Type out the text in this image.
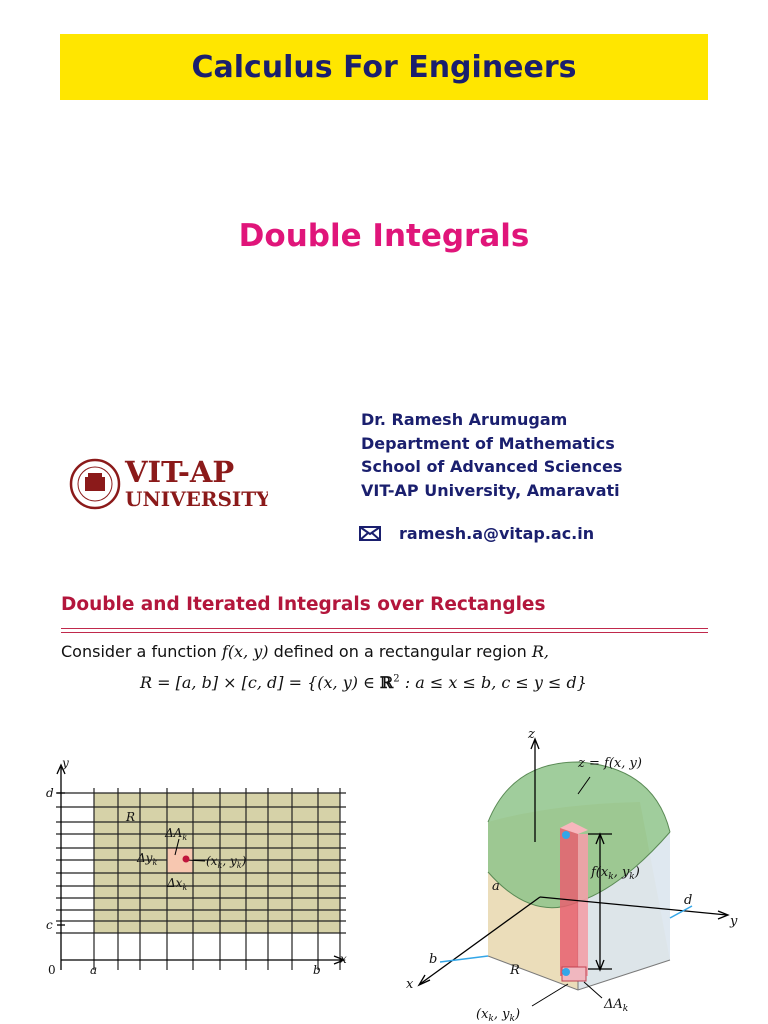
Calculus For Engineers
Double Integrals
VIT-AP
UNIVERSITY
Dr. Ramesh Arumugam
Department of Mathematics
School of Advanced Sciences
VIT-AP University, Amaravati
ramesh.a@vitap.ac.in
Double and Iterated Integrals over Rectangles
Consider a function f(x, y) defined on a rectangular region R,
R = [a, b] × [c, d] = {(x, y) ∈ ℝ$^2$ : a ≤ x ≤ b, c ≤ y ≤ d}
y
x
d
c
0	a	b
R
$\Delta A_k$
$\Delta y_k$
$\Delta x_k$
($x_k$, $y_k$)
z
y
x
z = f(x, y)
$f(x_k$, $y_k$)
a
b
d
R
($x_k$, $y_k$)
$\Delta A_k$
